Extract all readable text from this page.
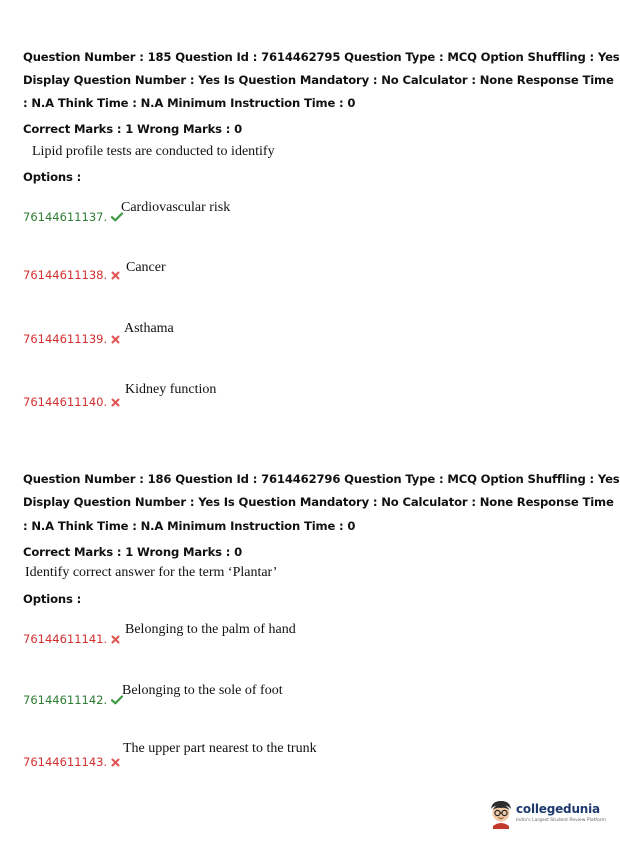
Question Number : 185 Question Id : 7614462795 Question Type : MCQ Option Shuffling : Yes
Display Question Number : Yes Is Question Mandatory : No Calculator : None Response Time
: N.A Think Time : N.A Minimum Instruction Time : 0
Correct Marks : 1 Wrong Marks : 0
Lipid profile tests are conducted to identify
Options :
76144611137.
Cardiovascular risk
76144611138.	Cancer
76144611139.
Asthama
76144611140.
Kidney function
Question Number : 186 Question Id : 7614462796 Question Type : MCQ Option Shuffling : Yes
Display Question Number : Yes Is Question Mandatory : No Calculator : None Response Time
: N.A Think Time : N.A Minimum Instruction Time : 0
Correct Marks : 1 Wrong Marks : 0
Identify correct answer for the term ‘Plantar’
Options :
76144611141.
Belonging to the palm of hand
76144611142.
Belonging to the sole of foot
76144611143.
The upper part nearest to the trunk
collegedunia
India's Largest Student Review Platform
